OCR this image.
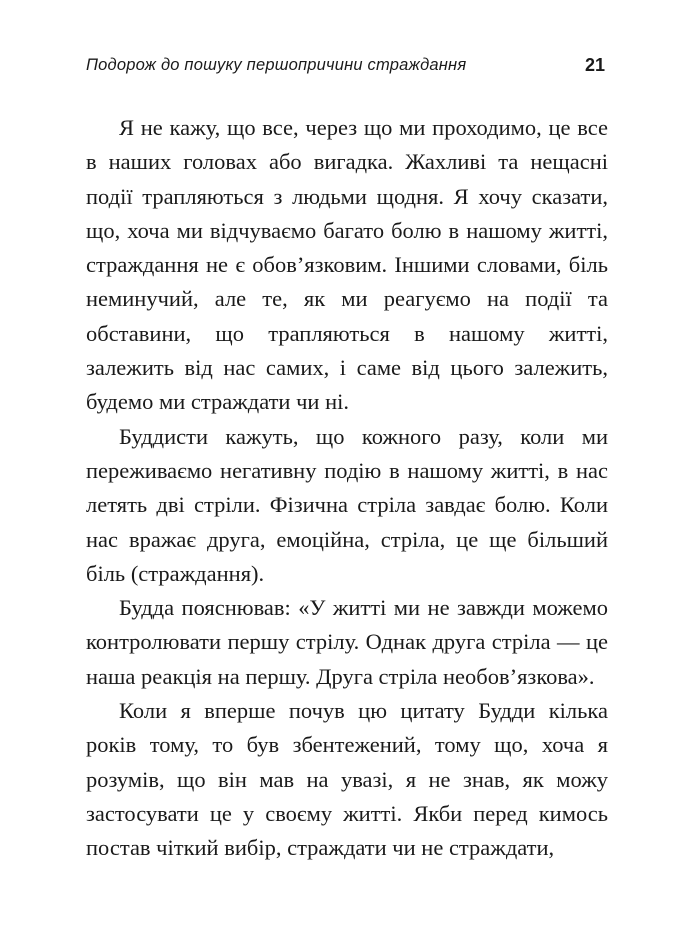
Подорож до пошуку першопричини страждання	21

Я не кажу, що все, через що ми проходимо, це все в наших головах або вигадка. Жахливі та нещасні події трапляються з людьми щодня. Я хочу сказати, що, хоча ми відчуваємо багато болю в нашому житті, страждання не є обов’язковим. Іншими словами, біль неминучий, але те, як ми реагуємо на події та обставини, що трапляються в нашому житті, залежить від нас самих, і саме від цього залежить, будемо ми страждати чи ні.

Буддисти кажуть, що кожного разу, коли ми переживаємо негативну подію в нашому житті, в нас летять дві стріли. Фізична стріла завдає болю. Коли нас вражає друга, емоційна, стріла, це ще більший біль (страждання).

Будда пояснював: «У житті ми не завжди можемо контролювати першу стрілу. Однак друга стріла — це наша реакція на першу. Друга стріла необов’язкова».

Коли я вперше почув цю цитату Будди кілька років тому, то був збентежений, тому що, хоча я розумів, що він мав на увазі, я не знав, як можу застосувати це у своєму житті. Якби перед кимось постав чіткий вибір, страждати чи не страждати,
